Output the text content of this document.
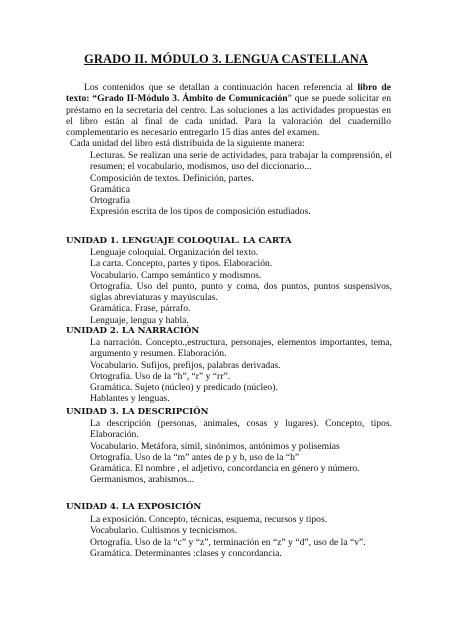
GRADO II. MÓDULO 3. LENGUA CASTELLANA

Los contenidos que se detallan a continuación hacen referencia al libro de texto: “Grado II-Módulo 3. Ámbito de Comunicación” que se puede solicitar en préstamo en la secretaria del centro. Las soluciones a las actividades propuestas en el libro están al final de cada unidad. Para la valoración del cuadernillo complementario es necesario entregarlo 15 días antes del examen.

Cada unidad del libro está distribuida de la siguiente manera:

Lecturas. Se realizan una serie de actividades, para trabajar la comprensión, el resumen; el vocabulario, modismos, uso del diccionario...
Composición de textos. Definición, partes.
Gramática
Ortografía
Expresión escrita de los tipos de composición estudiados.
UNIDAD 1. LENGUAJE COLOQUIAL. LA CARTA
Lenguaje coloquial. Organización del texto.
La carta. Concepto, partes y tipos. Elaboración.
Vocabulario. Campo semántico y modismos.
Ortografía. Uso del punto, punto y coma, dos puntos, puntos suspensivos, siglas abreviaturas y mayúsculas.
Gramática. Frase, párrafo.
Lenguaje, lengua y habla.
UNIDAD 2. LA NARRACIÓN
La narración. Concepto.,estructura, personajes, elementos importantes, tema, argumento y resumen. Elaboración.
Vocabulario. Sufijos, prefijos, palabras derivadas.
Ortografía. Uso de la “h”, “r” y “rr”.
Gramática. Sujeto (núcleo) y predicado (núcleo).
Hablantes y lenguas.
UNIDAD 3. LA DESCRIPCIÓN
La descripción (personas, animales, cosas y lugares). Concepto, tipos. Elaboración.
Vocabulario. Metáfora, símil, sinónimos, antónimos y polisemias
Ortografía. Uso de la “m” antes de p y b, uso de la “h”
Gramática. El nombre , el adjetivo, concordancia en género y número.
Germanismos, arabismos...
UNIDAD 4. LA EXPOSICIÓN
La exposición. Concepto, técnicas, esquema, recursos y tipos.
Vocabulario. Cultismos y tecnicismos.
Ortografía. Uso de la “c” y “z”, terminación en “z” y “d”, uso de la “v”.
Gramática. Determinantes :clases y concordancia.
